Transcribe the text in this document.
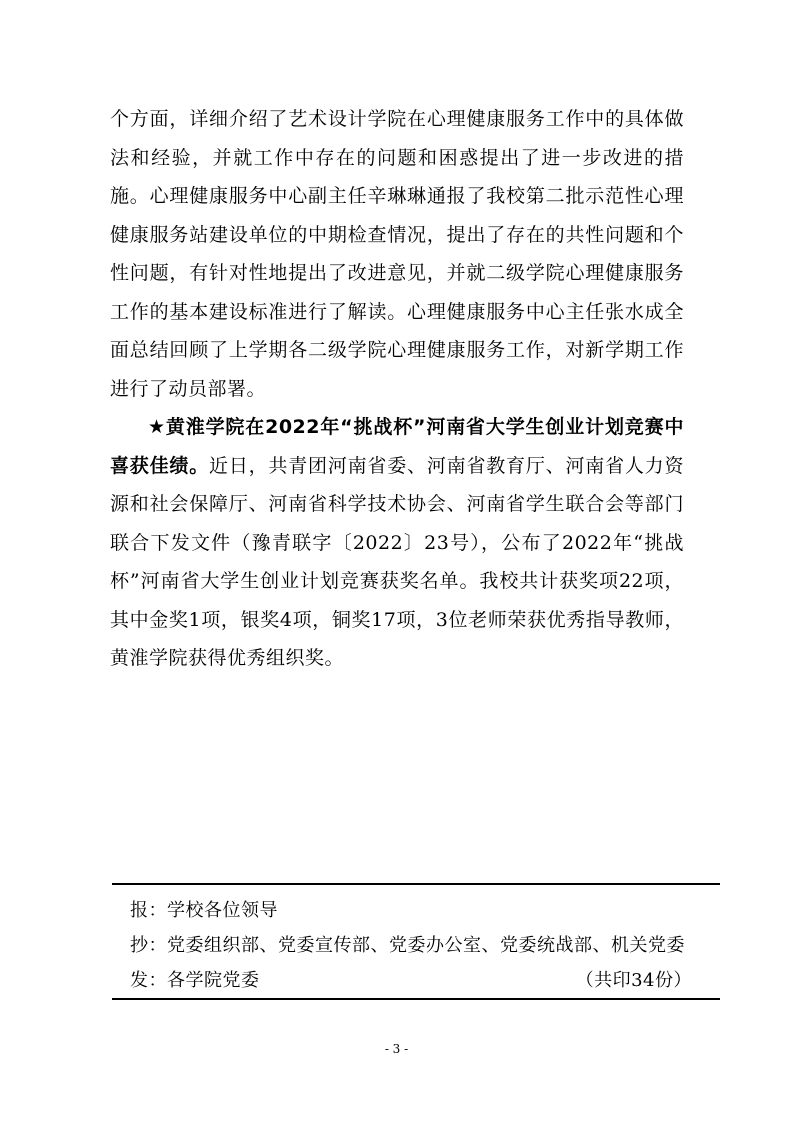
个方面，详细介绍了艺术设计学院在心理健康服务工作中的具体做法和经验，并就工作中存在的问题和困惑提出了进一步改进的措施。心理健康服务中心副主任辛琳琳通报了我校第二批示范性心理健康服务站建设单位的中期检查情况，提出了存在的共性问题和个性问题，有针对性地提出了改进意见，并就二级学院心理健康服务工作的基本建设标准进行了解读。心理健康服务中心主任张水成全面总结回顾了上学期各二级学院心理健康服务工作，对新学期工作进行了动员部署。

★黄淮学院在2022年“挑战杯”河南省大学生创业计划竞赛中喜获佳绩。近日，共青团河南省委、河南省教育厅、河南省人力资源和社会保障厅、河南省科学技术协会、河南省学生联合会等部门联合下发文件（豫青联字〔2022〕23号），公布了2022年“挑战杯”河南省大学生创业计划竞赛获奖名单。我校共计获奖项22项，其中金奖1项，银奖4项，铜奖17项，3位老师荣获优秀指导教师，黄淮学院获得优秀组织奖。

报：学校各位领导
抄：党委组织部、党委宣传部、党委办公室、党委统战部、机关党委
发：各学院党委	（共印34份）
- 3 -
